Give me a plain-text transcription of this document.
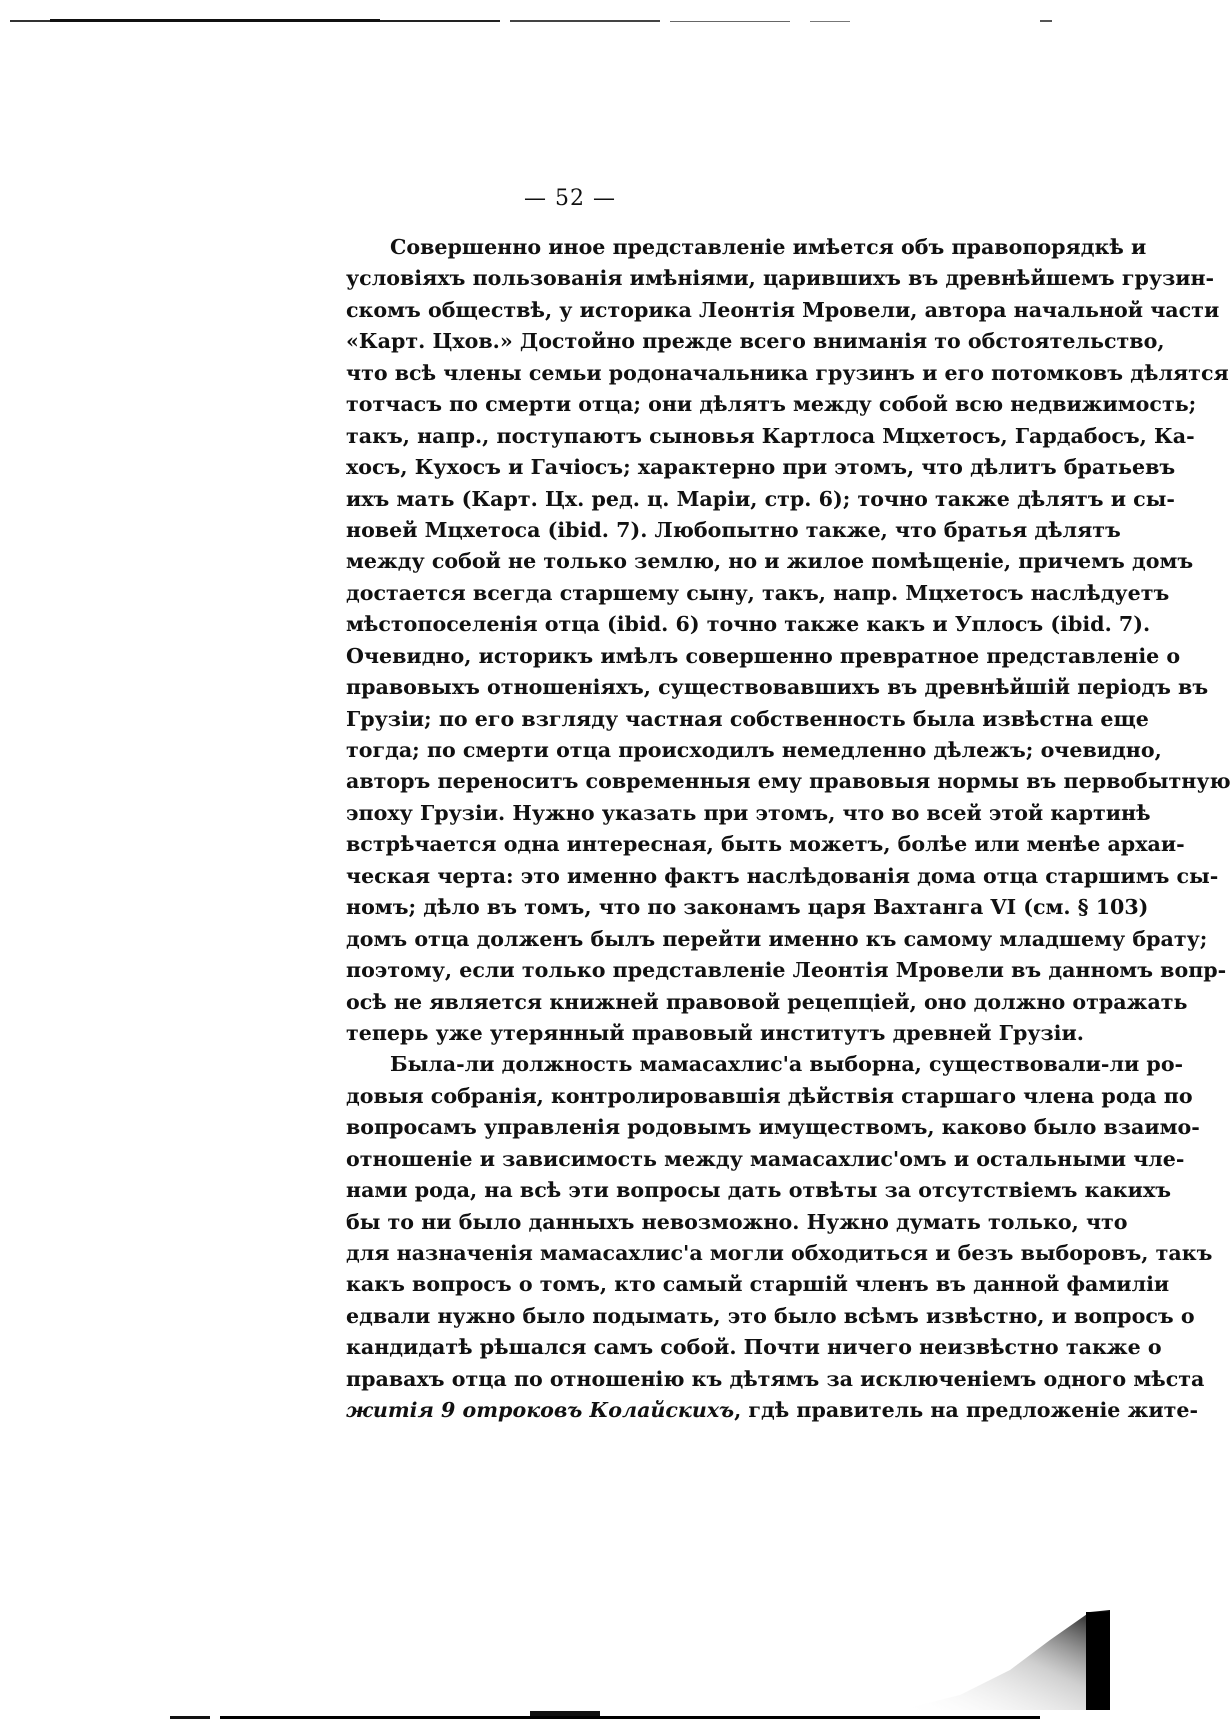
— 52 —
Совершенно иное представленіе имѣется объ правопорядкѣ и
условіяхъ пользованія имѣніями, царившихъ въ древнѣйшемъ грузин-
скомъ обществѣ, у историка Леонтія Мровели, автора начальной части
«Карт. Цхов.» Достойно прежде всего вниманія то обстоятельство,
что всѣ члены семьи родоначальника грузинъ и его потомковъ дѣлятся
тотчасъ по смерти отца; они дѣлятъ между собой всю недвижимость;
такъ, напр., поступаютъ сыновья Картлоса Мцхетосъ, Гардабосъ, Ка-
хосъ, Кухосъ и Гачіосъ; характерно при этомъ, что дѣлитъ братьевъ
ихъ мать (Карт. Цх. ред. ц. Маріи, стр. 6); точно также дѣлятъ и сы-
новей Мцхетоса (ibid. 7). Любопытно также, что братья дѣлятъ
между собой не только землю, но и жилое помѣщеніе, причемъ домъ
достается всегда старшему сыну, такъ, напр. Мцхетосъ наслѣдуетъ
мѣстопоселенія отца (ibid. 6) точно также какъ и Уплосъ (ibid. 7).
Очевидно, историкъ имѣлъ совершенно превратное представленіе о
правовыхъ отношеніяхъ, существовавшихъ въ древнѣйшій періодъ въ
Грузіи; по его взгляду частная собственность была извѣстна еще
тогда; по смерти отца происходилъ немедленно дѣлежъ; очевидно,
авторъ переноситъ современныя ему правовыя нормы въ первобытную
эпоху Грузіи. Нужно указать при этомъ, что во всей этой картинѣ
встрѣчается одна интересная, быть можетъ, болѣе или менѣе архаи-
ческая черта: это именно фактъ наслѣдованія дома отца старшимъ сы-
номъ; дѣло въ томъ, что по законамъ царя Вахтанга VI (см. § 103)
домъ отца долженъ былъ перейти именно къ самому младшему брату;
поэтому, если только представленіе Леонтія Мровели въ данномъ вопр-
осѣ не является книжней правовой рецепціей, оно должно отражать
теперь уже утерянный правовый институтъ древней Грузіи.
Была-ли должность мамасахлис'а выборна, существовали-ли ро-
довыя собранія, контролировавшія дѣйствія старшаго члена рода по
вопросамъ управленія родовымъ имуществомъ, каково было взаимо-
отношеніе и зависимость между мамасахлис'омъ и остальными чле-
нами рода, на всѣ эти вопросы дать отвѣты за отсутствіемъ какихъ
бы то ни было данныхъ невозможно. Нужно думать только, что
для назначенія мамасахлис'а могли обходиться и безъ выборовъ, такъ
какъ вопросъ о томъ, кто самый старшій членъ въ данной фамиліи
едвали нужно было подымать, это было всѣмъ извѣстно, и вопросъ о
кандидатѣ рѣшался самъ собой. Почти ничего неизвѣстно также о
правахъ отца по отношенію къ дѣтямъ за исключеніемъ одного мѣста
житія 9 отроковъ Колайскихъ, гдѣ правитель на предложеніе жите-
